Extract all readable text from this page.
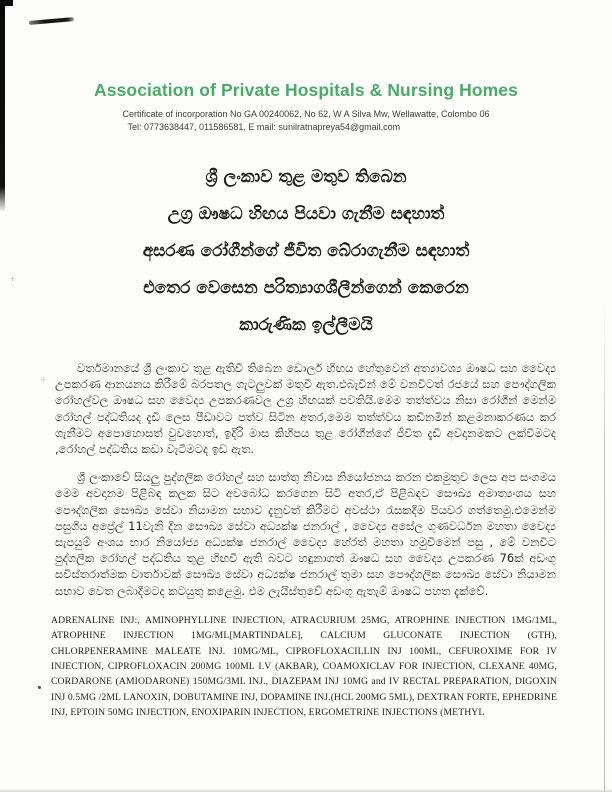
+
+
Association of Private Hospitals & Nursing Homes
Certificate of incorporation No GA 00240062, No 62, W A Silva Mw, Wellawatte, Colombo 06
Tel: 0773638447, 011586581, E mail: sunilratnapreya54@gmail.com
ශ්‍රී ලංකාව තුළ මතුව තිබෙන
උග්‍ර ඖෂධ හිඟය පියවා ගැනීම සඳහාත්
අසරණ රෝගීන්ගේ ජීවිත බේරාගැනීම සඳහාත්
එතෙර වෙසෙන පරිත්‍යාගශීලීන්ගෙන් කෙරෙන
කාරුණික ඉල්ලීමයි

වර්තමානයේ ශ්‍රී ලංකාව තුළ ඇතිවී තිබෙන ඩොලර් හිඟය හේතුවෙන් අත්‍යාවශ්‍ය ඖෂධ සහ වෛද්‍ය උපකරණ ආනයනය කිරීමේ බරපතල ගැටලුවක් මතුවී ඇත.එබැවින් මේ වනවිටත් රජයේ සහ පෞද්ගලික රෝහල්වල ඖෂධ සහ වෛද්‍ය උපකරණවල උග්‍ර හිඟයක් පවතියි.මෙම තත්ත්වය නිසා රෝගීන් මෙන්ම රෝහල් පද්ධතියද දැඩි ලෙස පීඩාවට පත්ව සිටින අතර,මෙම තත්ත්වය කඩිනමින් කළමනාකරණය කර ගැනීමට අපොහොසත් වුවහොත්, ඉදිරි මාස කිහිපය තුළ රෝගීන්ගේ ජීවිත දැඩි අවදානමකට ලක්වීමටද ,රෝහල් පද්ධතිය කඩා වැටීමටද ඉඩ ඇත.

ශ්‍රී ලංකාවේ සියලු පුද්ගලික රෝහල් සහ සාත්තු නිවාස නියෝජනය කරන එකමුතුව ලෙස අප සංගමය මෙම අවදානම පිළිබඳ කලක සිට අවබෝධ කරගෙන සිටි අතර,ඒ පිළිබඳව සෞඛ්‍ය අමාත්‍යංශය සහ පෞද්ගලික සෞඛ්‍ය සේවා නියාමන සභාව දැනුවත් කිරීමට අවස්ථා රැසකදීම පියවර ගත්තෙමු.එමෙන්ම පසුගිය අප්‍රේල් 11වැනි දින සෞඛ්‍ය සේවා අධ්‍යක්ෂ ජනරාල් , වෛද්‍ය අසේල ගුණවර්ධන මහතා වෛද්‍ය සැපයුම් අංශය භාර නියෝජ්‍ය අධ්‍යක්ෂ ජනරාල් වෛද්‍ය හේරත් මහතා හමුවීමෙන් පසු , මේ වනවිට පුද්ගලික රෝහල් පද්ධතිය තුළ හිඟවී ඇති බවට හඳුනාගත් ඖෂධ සහ වෛද්‍ය උපකරණ 76ක් අඩංගු සවිස්තරාත්මක වාර්තාවක් සෞඛ්‍ය සේවා අධ්‍යක්ෂ ජනරාල් තුමා සහ පෞද්ගලික සෞඛ්‍ය සේවා නියාමන සභාව වෙත ලබාදීමටද කටයුතු කළෙමු. එම ලැයිස්තුවේ අඩංගු ඇතැම් ඖෂධ පහත දැක්වේ.

ADRENALINE INJ:, AMINOPHYLLINE INJECTION, ATRACURIUM 25MG, ATROPHINE INJECTION 1MG/1ML, ATROPHINE INJECTION 1MG/ML[MARTINDALE], CALCIUM GLUCONATE INJECTION (GTH), CHLORPENERAMINE MALEATE INJ. 10MG/ML, CIPROFLOXACILLIN INJ 100ML, CEFUROXIME FOR IV INJECTION, CIPROFLOXACIN 200MG 100ML I.V (AKBAR), COAMOXICLAV FOR INJECTION, CLEXANE 40MG, CORDARONE (AMIODARONE) 150MG/3ML INJ., DIAZEPAM INJ 10MG and IV RECTAL PREPARATION, DIGOXIN INJ 0.5MG /2ML LANOXIN, DOBUTAMINE INJ, DOPAMINE INJ.(HCL 200MG 5ML), DEXTRAN FORTE, EPHEDRINE INJ, EPTOIN 50MG INJECTION, ENOXIPARIN INJECTION, ERGOMETRINE INJECTIONS (METHYL
